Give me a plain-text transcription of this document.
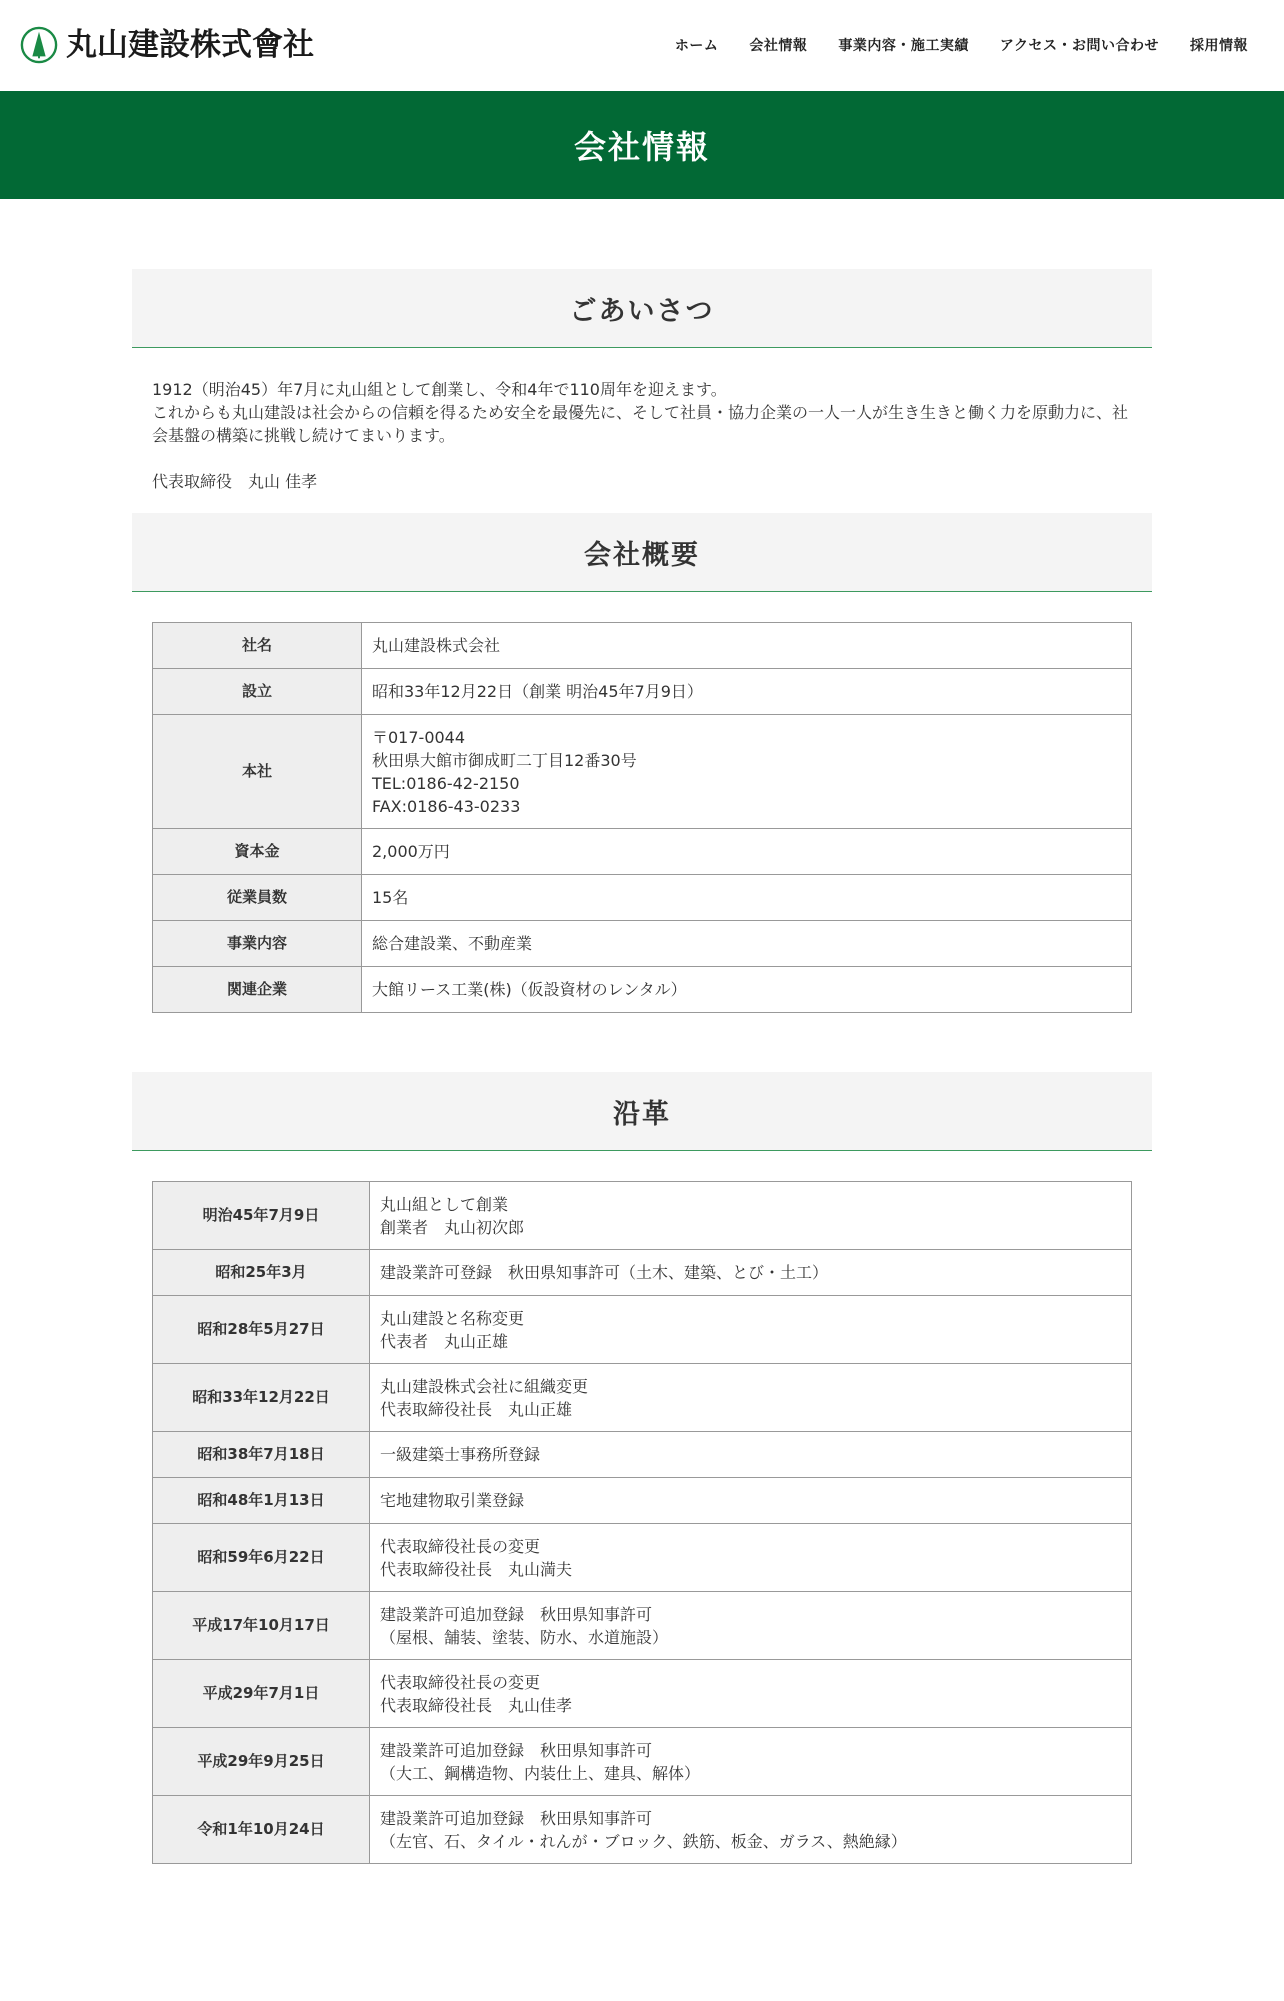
丸山建設株式會社	ホーム 会社情報 事業内容・施工実績 アクセス・お問い合わせ 採用情報
会社情報
ごあいさつ

1912（明治45）年7月に丸山組として創業し、令和4年で110周年を迎えます。

これからも丸山建設は社会からの信頼を得るため安全を最優先に、そして社員・協力企業の一人一人が生き生きと働く力を原動力に、社会基盤の構築に挑戦し続けてまいります。

代表取締役　丸山 佳孝

会社概要
社名	丸山建設株式会社

設立	昭和33年12月22日（創業 明治45年7月9日）

本社	〒017-0044
秋田県大館市御成町二丁目12番30号
TEL:0186-42-2150
FAX:0186-43-0233

資本金	2,000万円

従業員数	15名

事業内容	総合建設業、不動産業

関連企業	大館リース工業(株)（仮設資材のレンタル）
沿革
明治45年7月9日	丸山組として創業
創業者　丸山初次郎

昭和25年3月	建設業許可登録　秋田県知事許可（土木、建築、とび・土工）

昭和28年5月27日	丸山建設と名称変更
代表者　丸山正雄

昭和33年12月22日	丸山建設株式会社に組織変更
代表取締役社長　丸山正雄

昭和38年7月18日	一級建築士事務所登録

昭和48年1月13日	宅地建物取引業登録

昭和59年6月22日	代表取締役社長の変更
代表取締役社長　丸山満夫

平成17年10月17日	建設業許可追加登録　秋田県知事許可
（屋根、舗装、塗装、防水、水道施設）

平成29年7月1日	代表取締役社長の変更
代表取締役社長　丸山佳孝

平成29年9月25日	建設業許可追加登録　秋田県知事許可
（大工、鋼構造物、内装仕上、建具、解体）

令和1年10月24日	建設業許可追加登録　秋田県知事許可
（左官、石、タイル・れんが・ブロック、鉄筋、板金、ガラス、熱絶縁）
